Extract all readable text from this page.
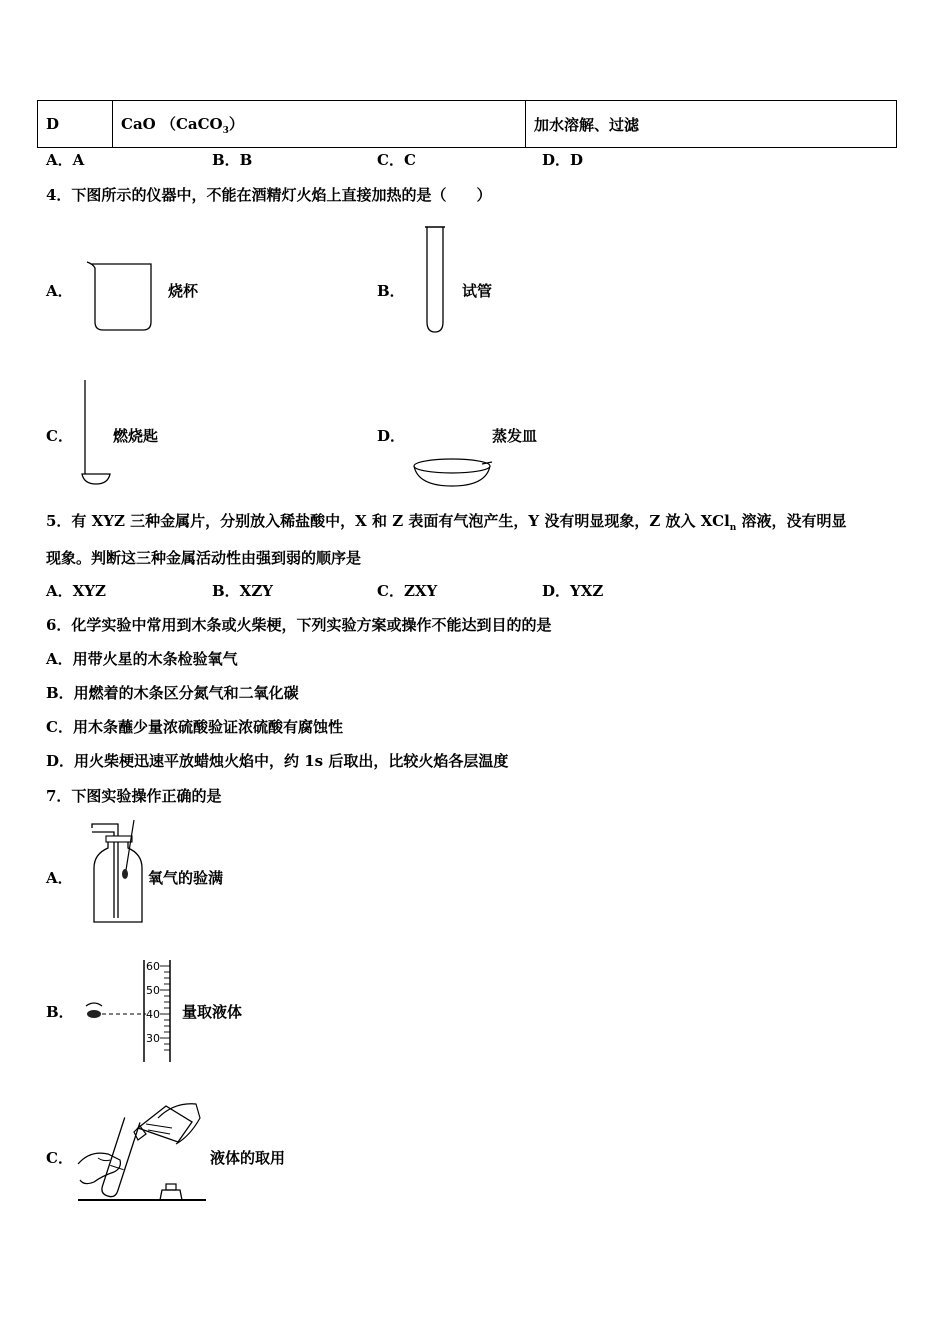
D	CaO （CaCO$_3$）	加水溶解、过滤
A．A	B．B	C．C	D．D
4．下图所示的仪器中，不能在酒精灯火焰上直接加热的是（　　）
A．	烧杯	B．	试管
C．	燃烧匙	D．	蒸发皿
5．有 XYZ 三种金属片，分别放入稀盐酸中，X 和 Z 表面有气泡产生，Y 没有明显现象，Z 放入 XCl$_n$ 溶液，没有明显
现象。判断这三种金属活动性由强到弱的顺序是
A．XYZ	B．XZY	C．ZXY	D．YXZ
6．化学实验中常用到木条或火柴梗，下列实验方案或操作不能达到目的的是
A．用带火星的木条检验氧气
B．用燃着的木条区分氮气和二氧化碳
C．用木条蘸少量浓硫酸验证浓硫酸有腐蚀性
D．用火柴梗迅速平放蜡烛火焰中，约 1s 后取出，比较火焰各层温度
7．下图实验操作正确的是
A．	氧气的验满
B．
60
50
40
30
量取液体
C．	液体的取用
